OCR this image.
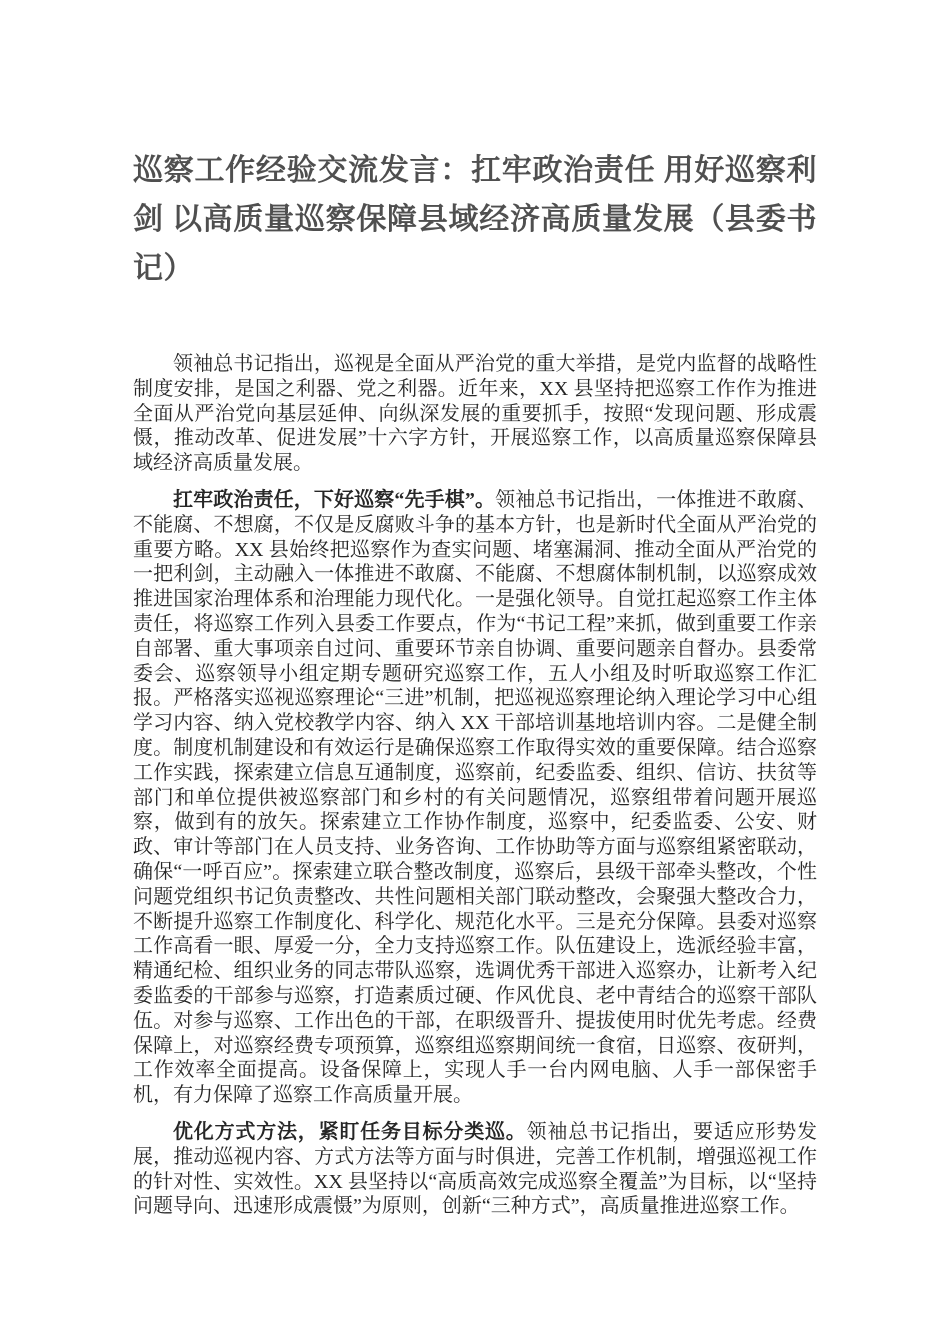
巡察工作经验交流发言：扛牢政治责任 用好巡察利剑 以高质量巡察保障县域经济高质量发展（县委书记）

领袖总书记指出，巡视是全面从严治党的重大举措，是党内监督的战略性制度安排，是国之利器、党之利器。近年来，XX 县坚持把巡察工作作为推进全面从严治党向基层延伸、向纵深发展的重要抓手，按照“发现问题、形成震慑，推动改革、促进发展”十六字方针，开展巡察工作，以高质量巡察保障县域经济高质量发展。

扛牢政治责任，下好巡察“先手棋”。领袖总书记指出，一体推进不敢腐、不能腐、不想腐，不仅是反腐败斗争的基本方针，也是新时代全面从严治党的重要方略。XX 县始终把巡察作为查实问题、堵塞漏洞、推动全面从严治党的一把利剑，主动融入一体推进不敢腐、不能腐、不想腐体制机制，以巡察成效推进国家治理体系和治理能力现代化。一是强化领导。自觉扛起巡察工作主体责任，将巡察工作列入县委工作要点，作为“书记工程”来抓，做到重要工作亲自部署、重大事项亲自过问、重要环节亲自协调、重要问题亲自督办。县委常委会、巡察领导小组定期专题研究巡察工作，五人小组及时听取巡察工作汇报。严格落实巡视巡察理论“三进”机制，把巡视巡察理论纳入理论学习中心组学习内容、纳入党校教学内容、纳入 XX 干部培训基地培训内容。二是健全制度。制度机制建设和有效运行是确保巡察工作取得实效的重要保障。结合巡察工作实践，探索建立信息互通制度，巡察前，纪委监委、组织、信访、扶贫等部门和单位提供被巡察部门和乡村的有关问题情况，巡察组带着问题开展巡察，做到有的放矢。探索建立工作协作制度，巡察中，纪委监委、公安、财政、审计等部门在人员支持、业务咨询、工作协助等方面与巡察组紧密联动，确保“一呼百应”。探索建立联合整改制度，巡察后，县级干部牵头整改，个性问题党组织书记负责整改、共性问题相关部门联动整改，会聚强大整改合力，不断提升巡察工作制度化、科学化、规范化水平。三是充分保障。县委对巡察工作高看一眼、厚爱一分，全力支持巡察工作。队伍建设上，选派经验丰富，精通纪检、组织业务的同志带队巡察，选调优秀干部进入巡察办，让新考入纪委监委的干部参与巡察，打造素质过硬、作风优良、老中青结合的巡察干部队伍。对参与巡察、工作出色的干部，在职级晋升、提拔使用时优先考虑。经费保障上，对巡察经费专项预算，巡察组巡察期间统一食宿，日巡察、夜研判，工作效率全面提高。设备保障上，实现人手一台内网电脑、人手一部保密手机，有力保障了巡察工作高质量开展。

优化方式方法，紧盯任务目标分类巡。领袖总书记指出，要适应形势发展，推动巡视内容、方式方法等方面与时俱进，完善工作机制，增强巡视工作的针对性、实效性。XX 县坚持以“高质高效完成巡察全覆盖”为目标，以“坚持问题导向、迅速形成震慑”为原则，创新“三种方式”，高质量推进巡察工作。
